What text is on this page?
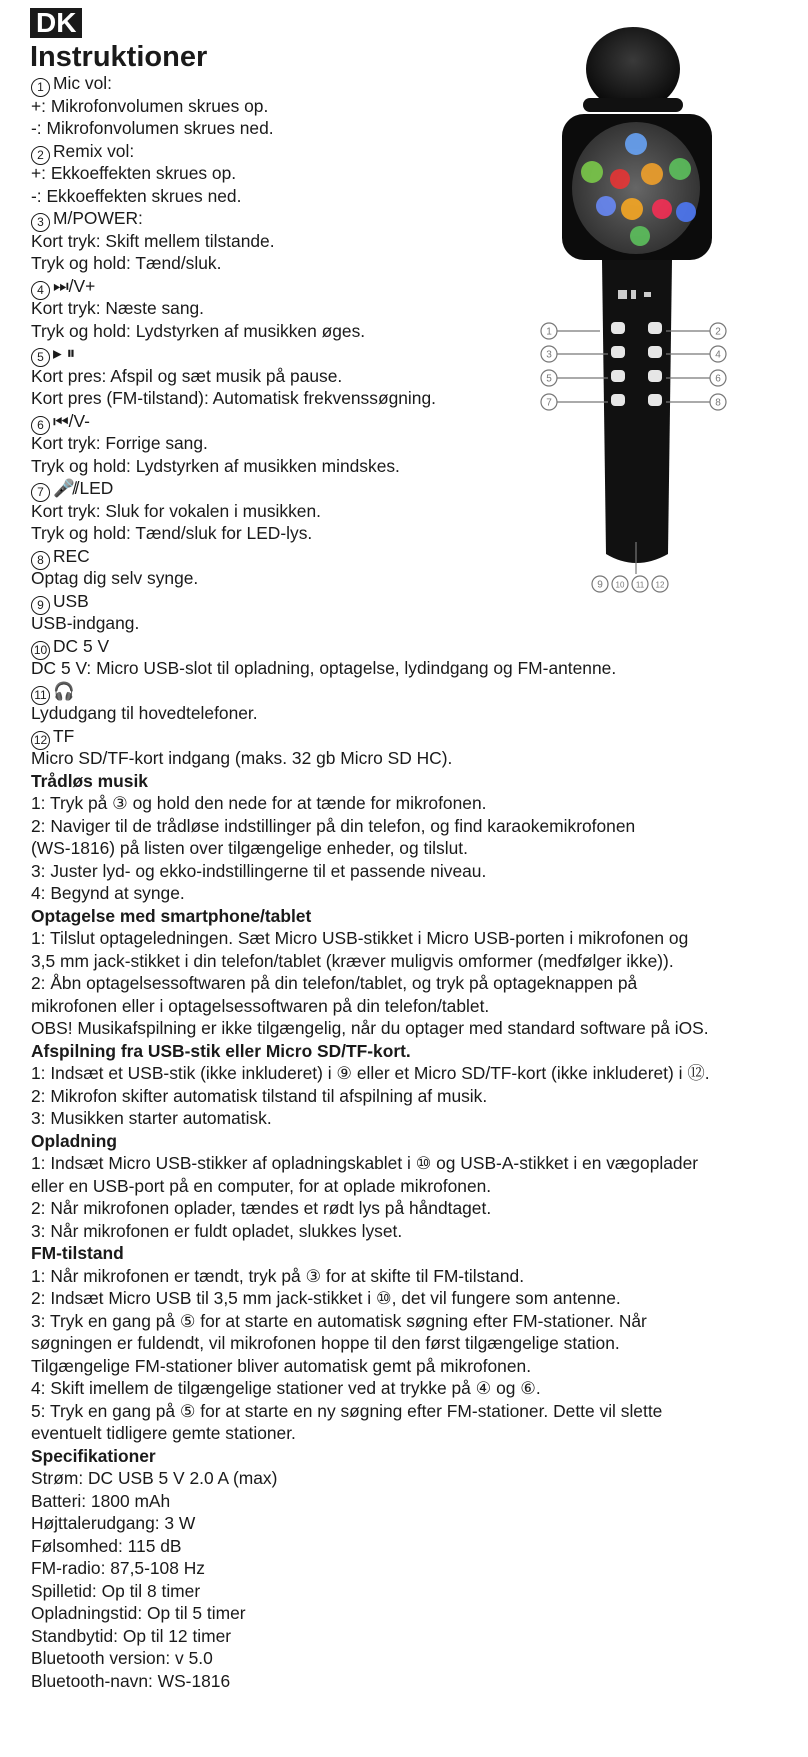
DK
Instruktioner
1 Mic vol:
+: Mikrofonvolumen skrues op.
-: Mikrofonvolumen skrues ned.
2 Remix vol:
+: Ekkoeffekten skrues op.
-: Ekkoeffekten skrues ned.
3 M/POWER:
Kort tryk: Skift mellem tilstande.
Tryk og hold: Tænd/sluk.
4 ⏭/V+
Kort tryk: Næste sang.
Tryk og hold: Lydstyrken af musikken øges.
5 ▸ ⏸
Kort pres: Afspil og sæt musik på pause.
Kort pres (FM-tilstand): Automatisk frekvenssøgning.
6 ⏮/V-
Kort tryk: Forrige sang.
Tryk og hold: Lydstyrken af musikken mindskes.
7 🎤̸/LED
Kort tryk: Sluk for vokalen i musikken.
Tryk og hold: Tænd/sluk for LED-lys.
8 REC
Optag dig selv synge.
9 USB
USB-indgang.
10 DC 5 V
DC 5 V: Micro USB-slot til opladning, optagelse, lydindgang og FM-antenne.
11 🎧
Lydudgang til hovedtelefoner.
12 TF
Micro SD/TF-kort indgang (maks. 32 gb Micro SD HC).
Trådløs musik
1: Tryk på ③ og hold den nede for at tænde for mikrofonen.
2: Naviger til de trådløse indstillinger på din telefon, og find karaokemikrofonen
(WS-1816) på listen over tilgængelige enheder, og tilslut.
3: Juster lyd- og ekko-indstillingerne til et passende niveau.
4: Begynd at synge.
Optagelse med smartphone/tablet
1: Tilslut optageledningen. Sæt Micro USB-stikket i Micro USB-porten i mikrofonen og
3,5 mm jack-stikket i din telefon/tablet (kræver muligvis omformer (medfølger ikke)).
2: Åbn optagelsessoftwaren på din telefon/tablet, og tryk på optageknappen på
mikrofonen eller i optagelsessoftwaren på din telefon/tablet.
OBS! Musikafspilning er ikke tilgængelig, når du optager med standard software på iOS.
Afspilning fra USB-stik eller Micro SD/TF-kort.
1: Indsæt et USB-stik (ikke inkluderet) i ⑨ eller et Micro SD/TF-kort (ikke inkluderet) i ⑫.
2: Mikrofon skifter automatisk tilstand til afspilning af musik.
3: Musikken starter automatisk.
Opladning
1: Indsæt Micro USB-stikker af opladningskablet i ⑩ og USB-A-stikket i en vægoplader
eller en USB-port på en computer, for at oplade mikrofonen.
2: Når mikrofonen oplader, tændes et rødt lys på håndtaget.
3: Når mikrofonen er fuldt opladet, slukkes lyset.
FM-tilstand
1: Når mikrofonen er tændt, tryk på ③ for at skifte til FM-tilstand.
2: Indsæt Micro USB til 3,5 mm jack-stikket i ⑩, det vil fungere som antenne.
3: Tryk en gang på ⑤ for at starte en automatisk søgning efter FM-stationer. Når
søgningen er fuldendt, vil mikrofonen hoppe til den først tilgængelige station.
Tilgængelige FM-stationer bliver automatisk gemt på mikrofonen.
4: Skift imellem de tilgængelige stationer ved at trykke på ④ og ⑥.
5: Tryk en gang på ⑤ for at starte en ny søgning efter FM-stationer. Dette vil slette
eventuelt tidligere gemte stationer.
Specifikationer
Strøm: DC USB 5 V 2.0 A (max)
Batteri: 1800 mAh
Højttalerudgang: 3 W
Følsomhed: 115 dB
FM-radio: 87,5-108 Hz
Spilletid: Op til 8 timer
Opladningstid: Op til 5 timer
Standbytid: Op til 12 timer
Bluetooth version: v 5.0
Bluetooth-navn: WS-1816
1
3
5
7
2
4
6
8
9 10 11 12
